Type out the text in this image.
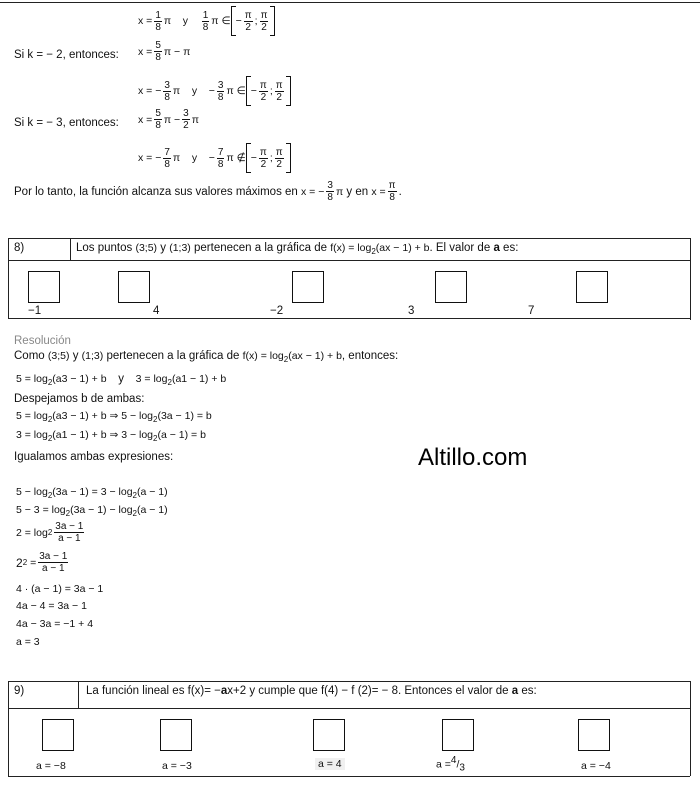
$x = \frac{1}{8}$ π
y
$\frac{1}{8}$ π ∈ − $\frac{\pi}{2}$ ; $\frac{\pi}{2}$
Si k = − 2, entonces: $x = \frac{5}{8}$ π − π
x = − $\frac{3}{8}$ π
y
− $\frac{3}{8}$ π ∈ − $\frac{\pi}{2}$ ; $\frac{\pi}{2}$
Si k = − 3, entonces: $x = \frac{5}{8}$ $\pi - \frac{3}{2}$ π
x = − $\frac{7}{8}$ π
y
− $\frac{7}{8}$ π ∉ − $\frac{\pi}{2}$ ; $\frac{\pi}{2}$
Por lo tanto, la función alcanza sus valores máximos en
x = − $\frac{3}{8}$ π
y en
$x = \frac{\pi}{8}$ .
8)	Los puntos (3;5) y (1;3) pertenecen a la gráfica de $f(x) = \log_2(ax - 1) + b$. El valor de a es:
−1	4	−2	3	7
Resolución
Como (3;5) y (1;3) pertenecen a la gráfica de $f(x) = \log_2(ax - 1) + b$, entonces:
$5 = \log_2(a3 - 1) + b$ y $3 = \log_2(a1 - 1) + b$
Despejamos b de ambas:
$5 = \log_2(a3 - 1) + b$ ⇒ $5 - \log_2(3a - 1) = b$
$3 = \log_2(a1 - 1) + b$ ⇒ $3 - \log_2(a - 1) = b$
Igualamos ambas expresiones:	Altillo.com
$5 - \log_2(3a - 1) = 3 - \log_2(a - 1)$
$5 - 3 = \log_2(3a - 1) - \log_2(a - 1)$
$2 = \log 2 \frac{3a - 1}{a - 1}$
2 2
= $\frac{3a - 1}{a - 1}$
4 · (a − 1) = 3a − 1
4a − 4 = 3a − 1
4a − 3a = −1 + 4
a = 3
9)	La función lineal es f(x)= −ax+2 y cumple que f(4) − f (2)= − 8. Entonces el valor de a es:
a = −8	a = −3	a = 4	$a =^4/_3$	a = −4
